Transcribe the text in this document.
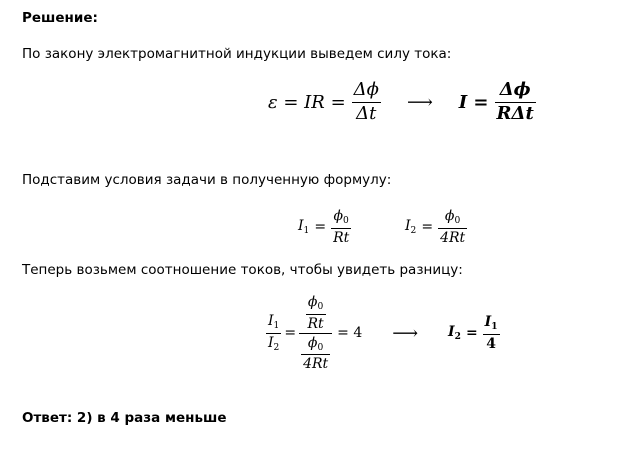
Решение:
По закону электромагнитной индукции выведем силу тока:
ε = IR = $\frac{\Delta\phi}{\Delta t}$ ⟶ $I = \frac{\Delta\phi}{\text{RΔt}}$
Подставим условия задачи в полученную формулу:
$I_1 = \frac{\phi_0}{Rt}$	$I_2 = \frac{\phi_0}{4Rt}$
Теперь возьмем соотношение токов, чтобы увидеть разницу:
$\frac{I_1}{I_2} = \frac{\frac{\phi_0}{Rt}}{\frac{\phi_0}{4Rt}} = 4$ ⟶ $I_2 = \frac{I_1}{4}$
Ответ: 2) в 4 раза меньше
